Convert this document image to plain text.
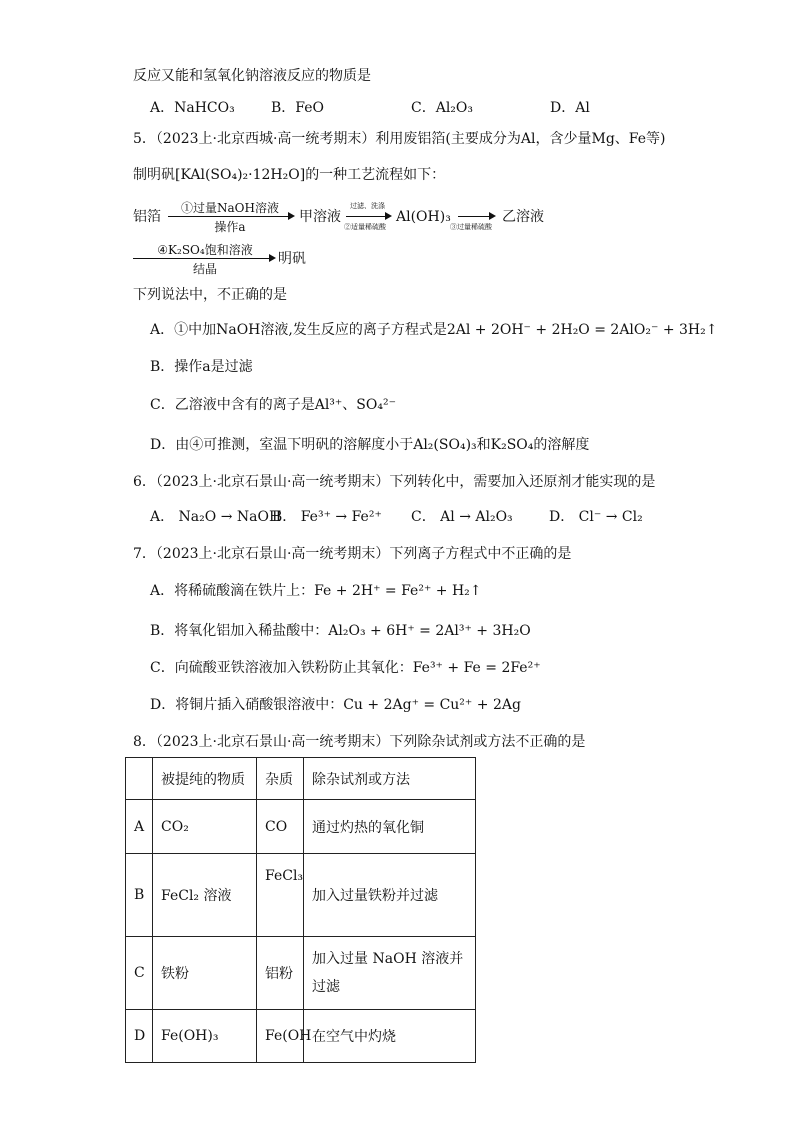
反应又能和氢氧化钠溶液反应的物质是
A．NaHCO₃	B．FeO	C．Al₂O₃	D．Al
5．（2023上·北京西城·高一统考期末）利用废铝箔(主要成分为Al，含少量Mg、Fe等)
制明矾[KAl(SO₄)₂·12H₂O]的一种工艺流程如下：
铝箔
①过量NaOH溶液
操作a
甲溶液
过滤、洗涤
②适量稀硫酸
Al(OH)₃
③过量稀硫酸
乙溶液
④K₂SO₄饱和溶液
结晶
明矾
下列说法中，不正确的是
A．①中加NaOH溶液,发生反应的离子方程式是2Al + 2OH⁻ + 2H₂O = 2AlO₂⁻ + 3H₂↑
B．操作a是过滤
C．乙溶液中含有的离子是Al³⁺、SO₄²⁻
D．由④可推测，室温下明矾的溶解度小于Al₂(SO₄)₃和K₂SO₄的溶解度
6．（2023上·北京石景山·高一统考期末）下列转化中，需要加入还原剂才能实现的是
A． Na₂O → NaOH
B． Fe³⁺ → Fe²⁺ C． Al → Al₂O₃	D． Cl⁻ → Cl₂
7．（2023上·北京石景山·高一统考期末）下列离子方程式中不正确的是
A．将稀硫酸滴在铁片上：Fe + 2H⁺ = Fe²⁺ + H₂↑
B．将氧化铝加入稀盐酸中：Al₂O₃ + 6H⁺ = 2Al³⁺ + 3H₂O
C．向硫酸亚铁溶液加入铁粉防止其氧化：Fe³⁺ + Fe = 2Fe²⁺
D．将铜片插入硝酸银溶液中：Cu + 2Ag⁺ = Cu²⁺ + 2Ag
8．（2023上·北京石景山·高一统考期末）下列除杂试剂或方法不正确的是
	被提纯的物质	杂质	除杂试剂或方法
A	CO₂	CO	通过灼热的氧化铜
B	FeCl₂ 溶液	FeCl₃	加入过量铁粉并过滤
C	铁粉	铝粉	加入过量 NaOH 溶液并过滤
D	Fe(OH)₃	Fe(OH	在空气中灼烧
